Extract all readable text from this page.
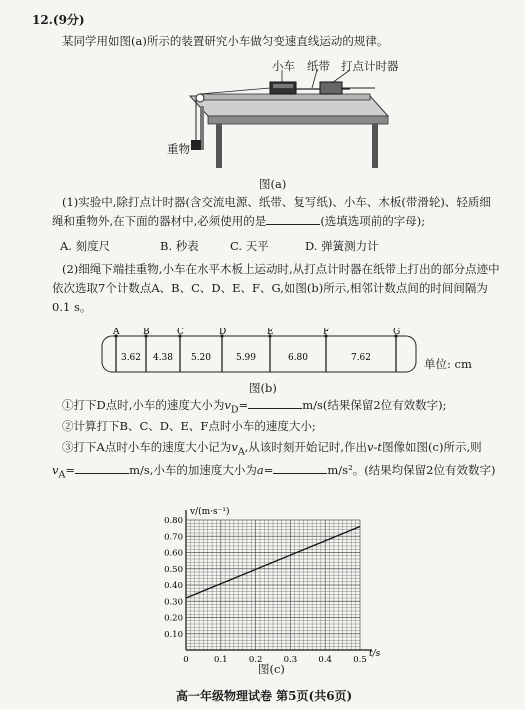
12.(9分)
某同学用如图(a)所示的装置研究小车做匀变速直线运动的规律。
小车 纸带 打点计时器
重物
图(a)
(1)实验中,除打点计时器(含交流电源、纸带、复写纸)、小车、木板(带滑轮)、轻质细绳和重物外,在下面的器材中,必须使用的是	(选填选项前的字母);
A. 刻度尺	B. 秒表	C. 天平	D. 弹簧测力计
(2)细绳下端挂重物,小车在水平木板上运动时,从打点计时器在纸带上打出的部分点迹中依次选取7个计数点A、B、C、D、E、F、G,如图(b)所示,相邻计数点间的时间间隔为0.1 s。
A	B	C	D	E	F	G
3.62 4.38 5.20	5.99	6.80	7.62	单位: cm
图(b)
①打下D点时,小车的速度大小为$v_D=$	m/s(结果保留2位有效数字);
②计算打下B、C、D、E、F点时小车的速度大小;
③打下A点时小车的速度大小记为$v_A$,从该时刻开始记时,作出v-t图像如图(c)所示,则$v_A=$	m/s,小车的加速度大小为a=	m/s²。(结果均保留2位有效数字)
0	0.1	0.2	0.3	0.4	0.5
0.10
0.20
0.30
0.40
0.50
0.60
0.70
0.80
v/(m·s⁻¹)
t/s
图(c)
高一年级物理试卷 第5页(共6页)
